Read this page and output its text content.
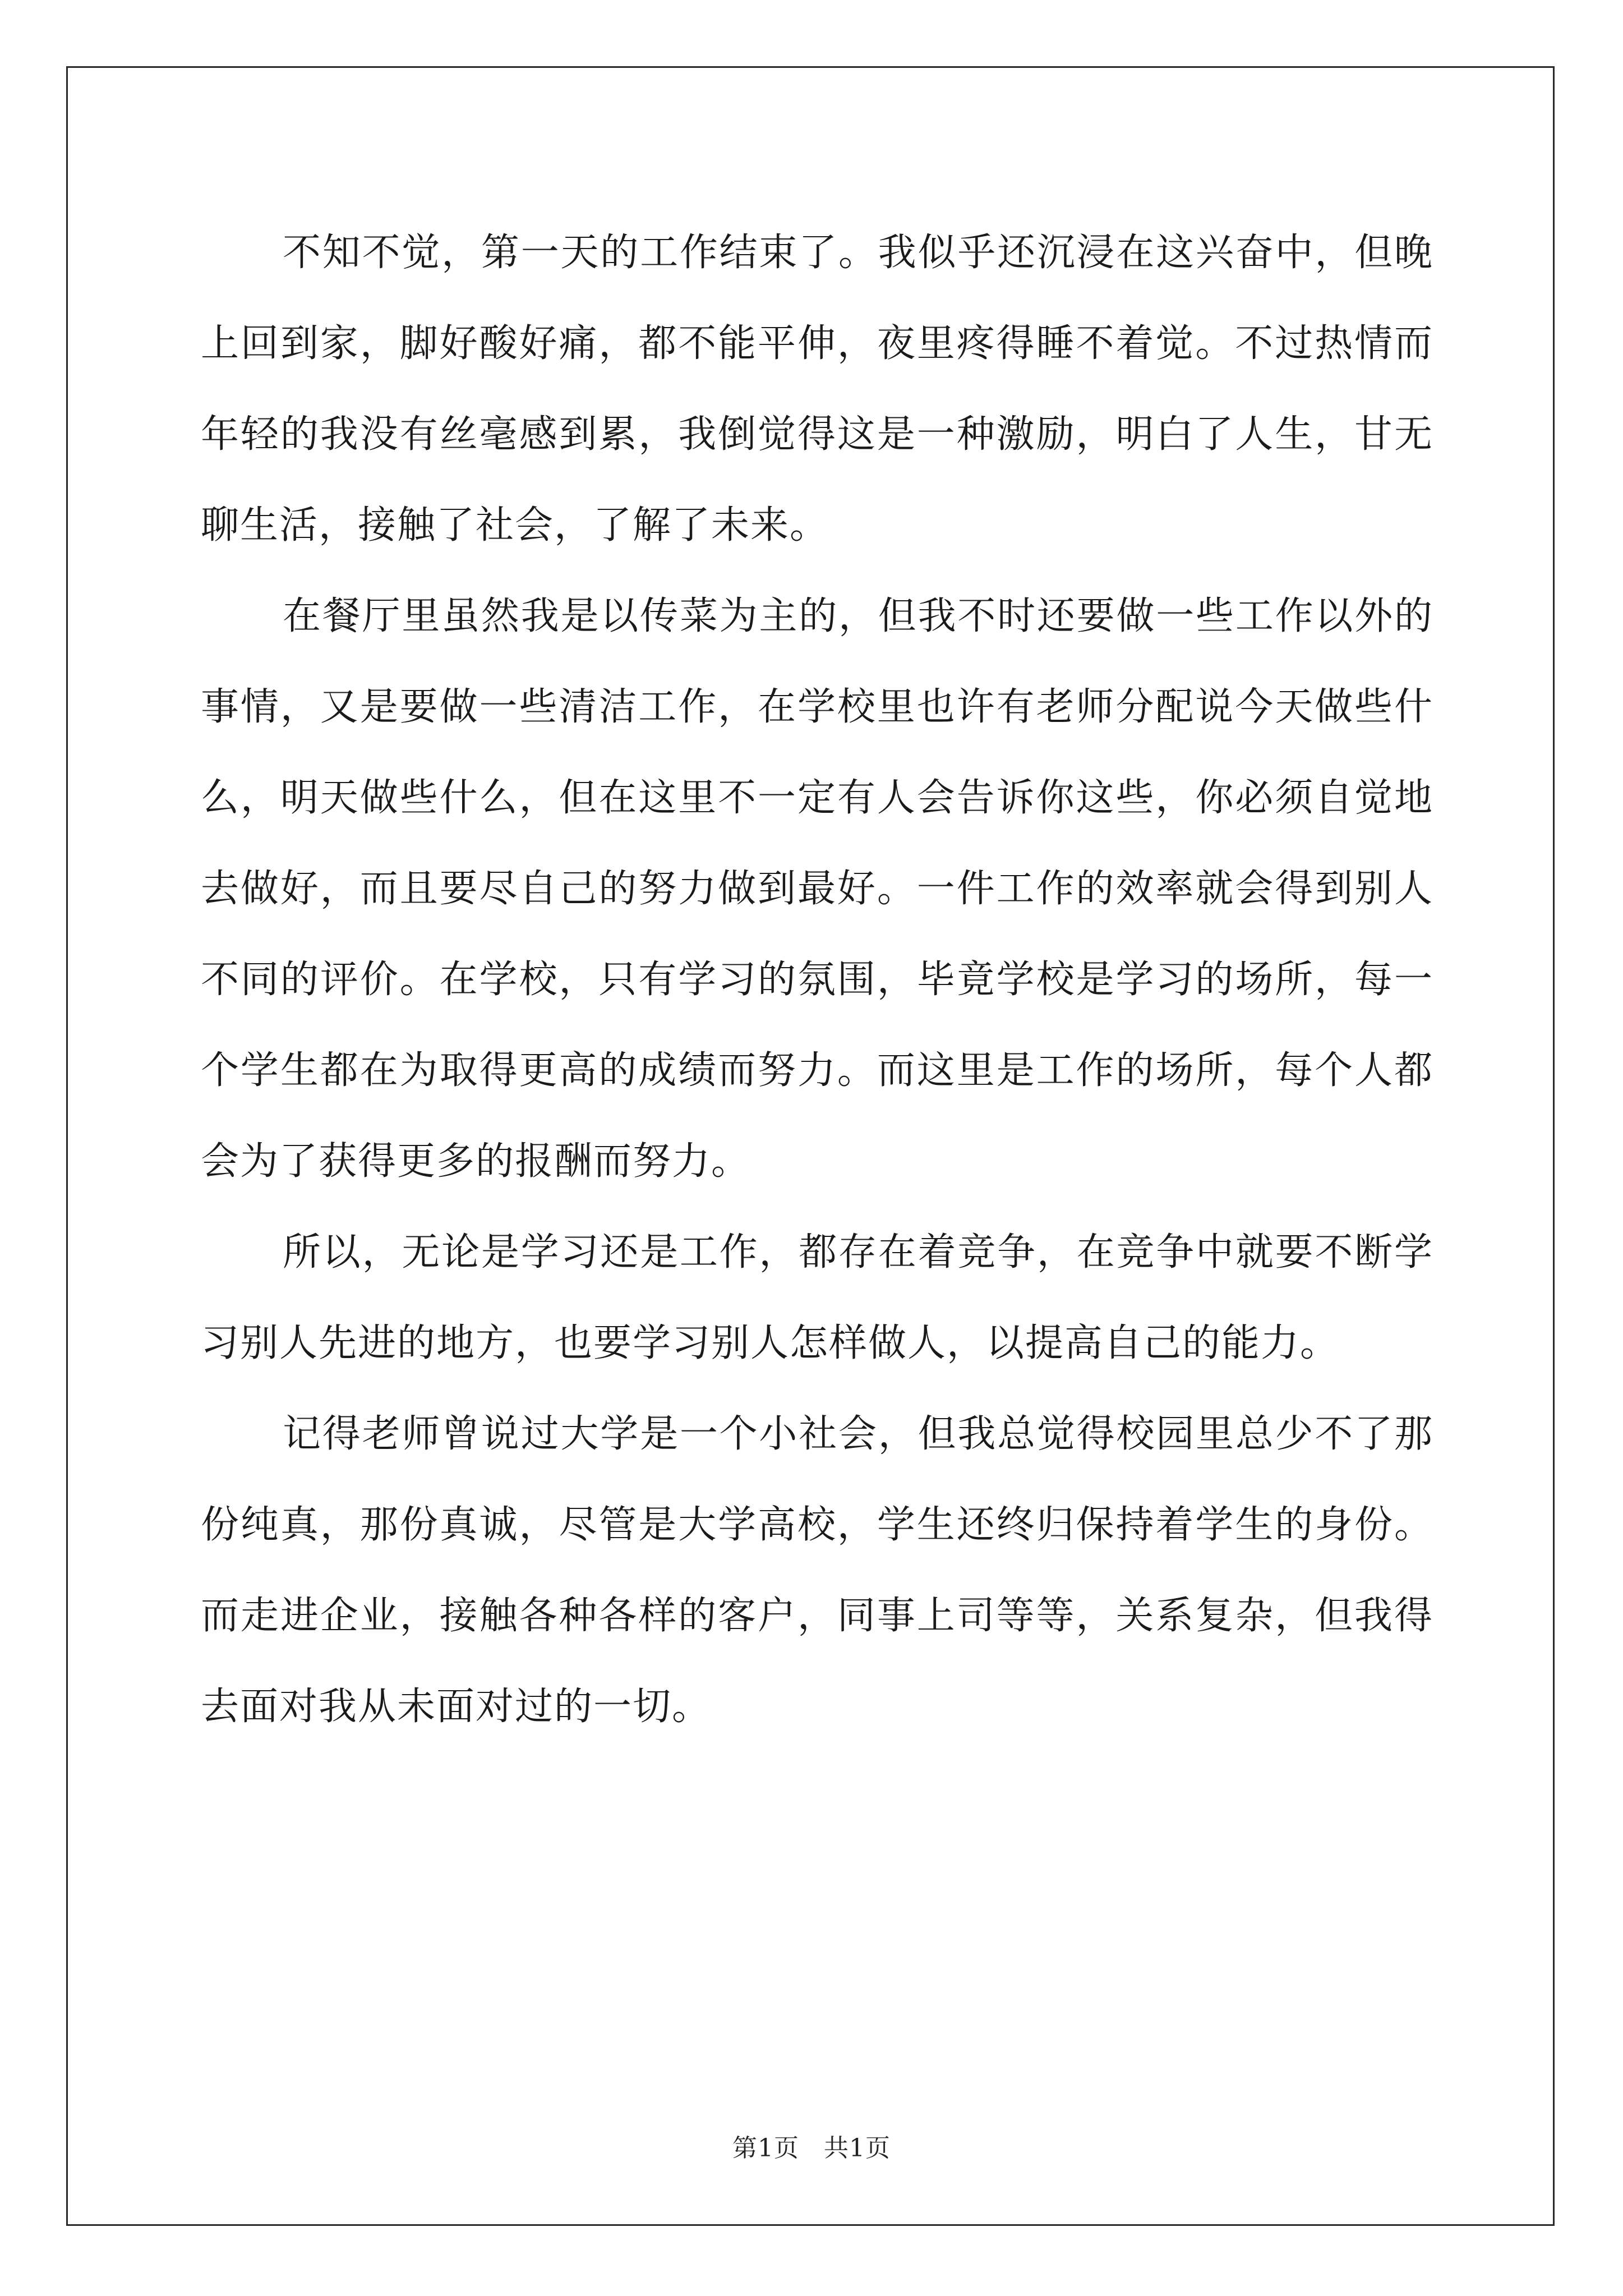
不知不觉，第一天的工作结束了。我似乎还沉浸在这兴奋中，但晚上回到家，脚好酸好痛，都不能平伸，夜里疼得睡不着觉。不过热情而年轻的我没有丝毫感到累，我倒觉得这是一种激励，明白了人生，甘无聊生活，接触了社会，了解了未来。

在餐厅里虽然我是以传菜为主的，但我不时还要做一些工作以外的事情，又是要做一些清洁工作，在学校里也许有老师分配说今天做些什么，明天做些什么，但在这里不一定有人会告诉你这些，你必须自觉地去做好，而且要尽自己的努力做到最好。一件工作的效率就会得到别人不同的评价。在学校，只有学习的氛围，毕竟学校是学习的场所，每一个学生都在为取得更高的成绩而努力。而这里是工作的场所，每个人都会为了获得更多的报酬而努力。

所以，无论是学习还是工作，都存在着竞争，在竞争中就要不断学习别人先进的地方，也要学习别人怎样做人，以提高自己的能力。

记得老师曾说过大学是一个小社会，但我总觉得校园里总少不了那份纯真，那份真诚，尽管是大学高校，学生还终归保持着学生的身份。而走进企业，接触各种各样的客户，同事上司等等，关系复杂，但我得去面对我从未面对过的一切。

第1页 共1页
